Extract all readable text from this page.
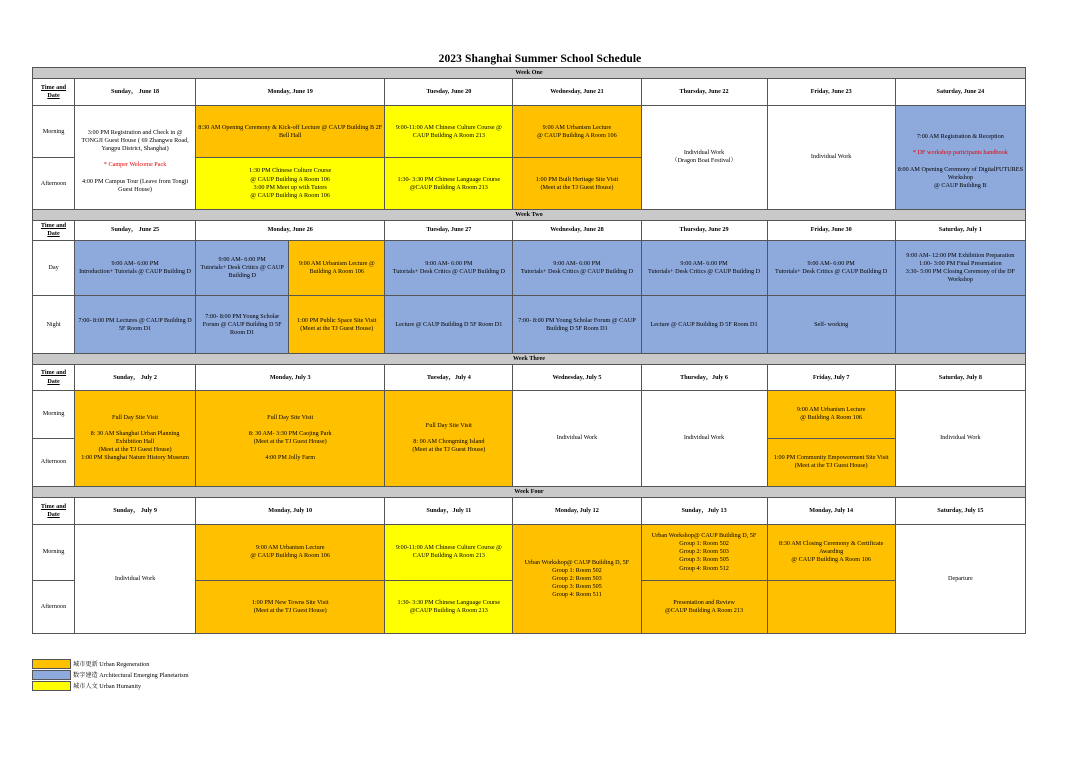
2023 Shanghai Summer School Schedule
Week One								
Time and Date	Sunday， June 18	Monday, June 19		Tuesday, June 20	Wednesday, June 21	Thursday, June 22	Friday, June 23	Saturday, June 24
Morning	3:00 PM Registration and Check in @ TONGJI Guest House ( 69 Zhangwu Road, Yangpu District, Shanghai)

* Camper Welcome Pack

4:00 PM Campus Tour (Leave from Tongji Guest House)	8:30 AM Opening Ceremony & Kick-off Lecture @ CAUP Building B 2F Bell Hall		9:00-11:00 AM Chinese Culture Course @ CAUP Building A Room 213	9:00 AM Urbanism Lecture
@ CAUP Building A Room 106	Individual Work
（Dragon Boat Festival）	Individual Work	7:00 AM Registration & Reception

* DF workshop participants handbook

8:00 AM Opening Ceremony of DigitalFUTURES Workshop
@ CAUP Building B

Afternoon		1:30 PM Chinese Culture Course
@ CAUP Building A Room 106
3:00 PM Meet up with Tutors
@ CAUP Building A Room 106		1:30- 3:30 PM Chinese Language Course @CAUP Building A Room 213	1:00 PM Built Heritage Site Visit
(Meet at the TJ Guest House)			
Week Two								
Time and Date	Sunday， June 25	Monday, June 26		Tuesday, June 27	Wednesday, June 28	Thursday, June 29	Friday, June 30	Saturday, July 1
Day	9:00 AM- 6:00 PM
Introduction+ Tutorials @ CAUP Building D	9:00 AM- 6:00 PM
Tutorials+ Desk Critics @ CAUP Building D	9:00 AM Urbanism Lecture @ Building A Room 106	9:00 AM- 6:00 PM
Tutorials+ Desk Critics @ CAUP Building D	9:00 AM- 6:00 PM
Tutorials+ Desk Critics @ CAUP Building D	9:00 AM- 6:00 PM
Tutorials+ Desk Critics @ CAUP Building D	9:00 AM- 6:00 PM
Tutorials+ Desk Critics @ CAUP Building D	9:00 AM- 12:00 PM Exhibition Preparation
1:00- 3:00 PM Final Presentation
3:30- 5:00 PM Closing Ceremony of the DF Workshop
Night	7:00- 8:00 PM Lectures @ CAUP Building D 5F Room D1	7:00- 8:00 PM Young Scholar Forum @ CAUP Building D 5F Room D1	1:00 PM Public Space Site Visit
(Meet at the TJ Guest House)	Lecture @ CAUP Building D 5F Room D1	7:00- 8:00 PM Young Scholar Forum @ CAUP Building D 5F Room D1	Lecture @ CAUP Building D 5F Room D1	Self- working	
Week Three								
Time and Date	Sunday， July 2	Monday, July 3		Tuesday，July 4	Wednesday, July 5	Thursday，July 6	Friday, July 7	Saturday, July 8
Morning	Full Day Site Visit

8: 30 AM Shanghai Urban Planning Exhibition Hall
(Meet at the TJ Guest House)
1:00 PM Shanghai Nature History Museum	Full Day Site Visit

8: 30 AM- 3:30 PM Caojing Park
(Meet at the TJ Guest House)

4:00 PM Jolly Farm		Full Day Site Visit

8: 00 AM Chongming Island
(Meet at the TJ Guest House)	Individual Work	Individual Work	9:00 AM Urbanism Lecture
@ Building A Room 106	Individual Work
Afternoon							1:00 PM Community Empowerment Site Visit
(Meet at the TJ Guest House)	
Week Four								
Time and Date	Sunday， July 9	Monday, July 10		Sunday，July 11	Monday, July 12	Sunday，July 13	Monday, July 14	Saturday, July 15
Morning	Individual Work	9:00 AM Urbanism Lecture
@ CAUP Building A Room 106		9:00-11:00 AM Chinese Culture Course @ CAUP Building A Room 213	Urban Workshop@ CAUP Building D, 5F
Group 1: Room 502
Group 2: Room 503
Group 3: Room 505
Group 4: Room 511	Urban Workshop@ CAUP Building D, 5F
Group 1: Room 502
Group 2: Room 503
Group 3: Room 505
Group 4: Room 512	8:30 AM Closing Ceremony & Certificate Awarding
@ CAUP Building A Room 106	Departure
Afternoon		1:00 PM New Towns Site Visit
(Meet at the TJ Guest House)		1:30- 3:30 PM Chinese Language Course @CAUP Building A Room 213		Presentation and Review
@CAUP Building A Room 213		
城市更新 Urban Regeneration
数字建造 Architectural Emerging Planetarism
城市人文 Urban Humanity
